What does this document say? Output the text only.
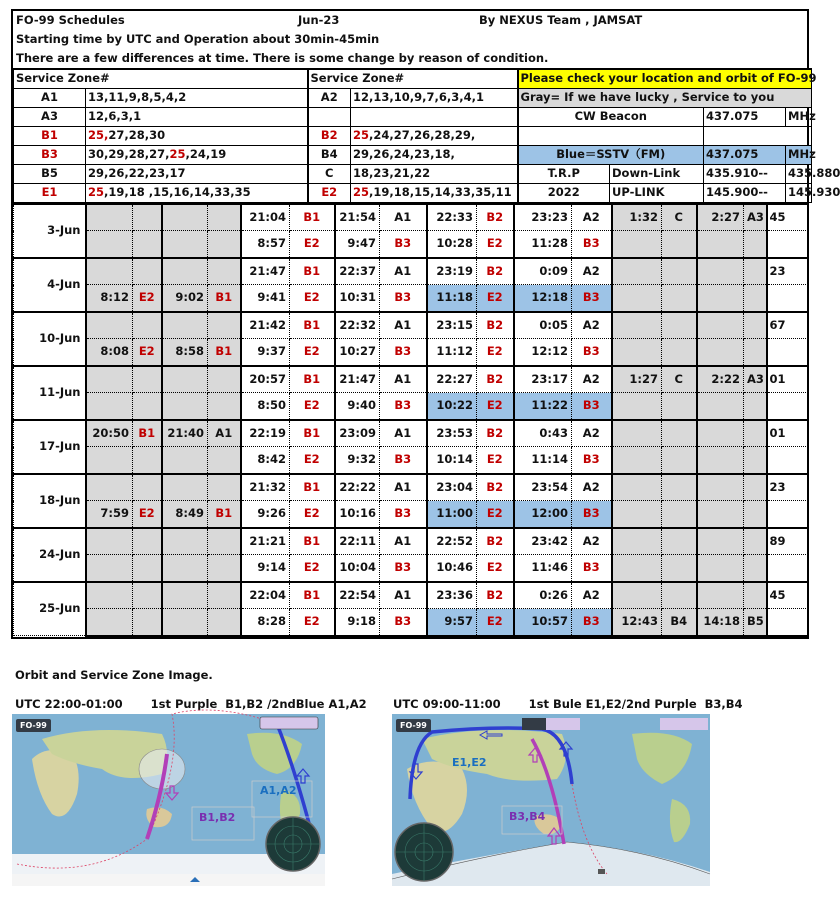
FO-99 Schedules	Jun-23	By NEXUS Team , JAMSAT
Starting time by UTC and Operation about 30min-45min
There are a few differences at time. There is some change by reason of condition.
Service Zone#		Service Zone#		Please check your location and orbit of FO-99			
A1	13,11,9,8,5,4,2	A2	12,13,10,9,7,6,3,4,1	Gray= If we have lucky , Service to you			
A3	12,6,3,1			CW Beacon		437.075	MHz
B1	25,27,28,30	B2	25,24,27,26,28,29,				
B3	30,29,28,27,25,24,19	B4	29,26,24,23,18,	Blue＝SSTV（FM)		437.075	MHz
B5	29,26,22,23,17	C	18,23,21,22	T.R.P	Down-Link	435.910--	435.880
E1	25,19,18 ,15,16,14,33,35	E2	25,19,18,15,14,33,35,11	2022	UP-LINK	145.900--	145.930
3-Jun					21:04	B1	21:54	A1	22:33	B2	23:23	A2	1:32	C	2:27	A3	45
					8:57	E2	9:47	B3	10:28	E2	11:28	B3					
4-Jun					21:47	B1	22:37	A1	23:19	B2	0:09	A2					23
	8:12	E2	9:02	B1	9:41	E2	10:31	B3	11:18	E2	12:18	B3					
10-Jun					21:42	B1	22:32	A1	23:15	B2	0:05	A2					67
	8:08	E2	8:58	B1	9:37	E2	10:27	B3	11:12	E2	12:12	B3					
11-Jun					20:57	B1	21:47	A1	22:27	B2	23:17	A2	1:27	C	2:22	A3	01
					8:50	E2	9:40	B3	10:22	E2	11:22	B3					
17-Jun	20:50	B1	21:40	A1	22:19	B1	23:09	A1	23:53	B2	0:43	A2					01
					8:42	E2	9:32	B3	10:14	E2	11:14	B3					
18-Jun					21:32	B1	22:22	A1	23:04	B2	23:54	A2					23
	7:59	E2	8:49	B1	9:26	E2	10:16	B3	11:00	E2	12:00	B3					
24-Jun					21:21	B1	22:11	A1	22:52	B2	23:42	A2					89
					9:14	E2	10:04	B3	10:46	E2	11:46	B3					
25-Jun					22:04	B1	22:54	A1	23:36	B2	0:26	A2					45
					8:28	E2	9:18	B3	9:57	E2	10:57	B3	12:43	B4	14:18	B5	
Orbit and Service Zone Image.
UTC 22:00-01:00       1st Purple  B1,B2 /2ndBlue A1,A2 UTC 09:00-11:00       1st Bule E1,E2/2nd Purple  B3,B4
FO-99
A1,A2
B1,B2
FO-99
E1,E2
B3,B4
